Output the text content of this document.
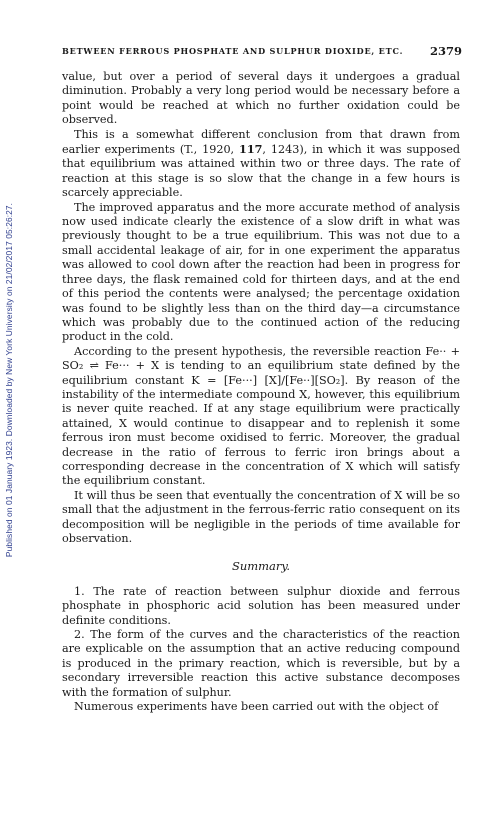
Published on 01 January 1923. Downloaded by New York University on 21/02/2017 05:26:27.
BETWEEN FERROUS PHOSPHATE AND SULPHUR DIOXIDE, ETC. 2379

value, but over a period of several days it undergoes a gradual diminution. Probably a very long period would be necessary before a point would be reached at which no further oxidation could be observed.

This is a somewhat different conclusion from that drawn from earlier experiments (T., 1920, 117, 1243), in which it was supposed that equilibrium was attained within two or three days. The rate of reaction at this stage is so slow that the change in a few hours is scarcely appreciable.

The improved apparatus and the more accurate method of analysis now used indicate clearly the existence of a slow drift in what was previously thought to be a true equilibrium. This was not due to a small accidental leakage of air, for in one experiment the apparatus was allowed to cool down after the reaction had been in progress for three days, the flask remained cold for thirteen days, and at the end of this period the contents were analysed; the percentage oxidation was found to be slightly less than on the third day—a circumstance which was probably due to the continued action of the reducing product in the cold.

According to the present hypothesis, the reversible reaction Fe·· + SO₂ ⇌ Fe··· + X is tending to an equilibrium state defined by the equilibrium constant K = [Fe···] [X]/[Fe··][SO₂]. By reason of the instability of the intermediate compound X, however, this equilibrium is never quite reached. If at any stage equilibrium were practically attained, X would continue to disappear and to replenish it some ferrous iron must become oxidised to ferric. Moreover, the gradual decrease in the ratio of ferrous to ferric iron brings about a corresponding decrease in the concentration of X which will satisfy the equilibrium constant.

It will thus be seen that eventually the concentration of X will be so small that the adjustment in the ferrous-ferric ratio consequent on its decomposition will be negligible in the periods of time available for observation.

Summary.

1. The rate of reaction between sulphur dioxide and ferrous phosphate in phosphoric acid solution has been measured under definite conditions.

2. The form of the curves and the characteristics of the reaction are explicable on the assumption that an active reducing compound is produced in the primary reaction, which is reversible, but by a secondary irreversible reaction this active substance decomposes with the formation of sulphur.

Numerous experiments have been carried out with the object of
